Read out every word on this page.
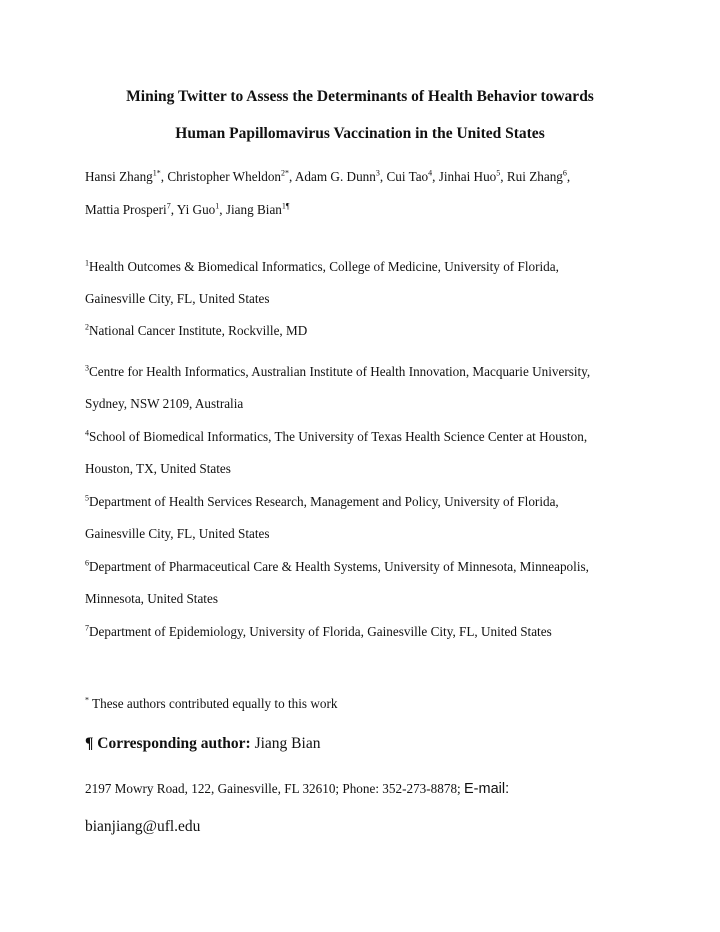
Mining Twitter to Assess the Determinants of Health Behavior towards
Human Papillomavirus Vaccination in the United States
Hansi Zhang$^{1*}$, Christopher Wheldon$^{2*}$, Adam G. Dunn$^3$, Cui Tao$^4$, Jinhai Huo$^5$, Rui Zhang$^6$,
Mattia Prosperi$^7$, Yi Guo$^1$, Jiang Bian$^{1\P}$
$^1$Health Outcomes & Biomedical Informatics, College of Medicine, University of Florida,
Gainesville City, FL, United States
$^2$National Cancer Institute, Rockville, MD
$^3$Centre for Health Informatics, Australian Institute of Health Innovation, Macquarie University,
Sydney, NSW 2109, Australia
$^4$School of Biomedical Informatics, The University of Texas Health Science Center at Houston,
Houston, TX, United States
$^5$Department of Health Services Research, Management and Policy, University of Florida,
Gainesville City, FL, United States
$^6$Department of Pharmaceutical Care & Health Systems, University of Minnesota, Minneapolis,
Minnesota, United States
$^7$Department of Epidemiology, University of Florida, Gainesville City, FL, United States
* These authors contributed equally to this work
¶ Corresponding author: Jiang Bian
2197 Mowry Road, 122, Gainesville, FL 32610; Phone: 352-273-8878; E-mail:
bianjiang@ufl.edu
